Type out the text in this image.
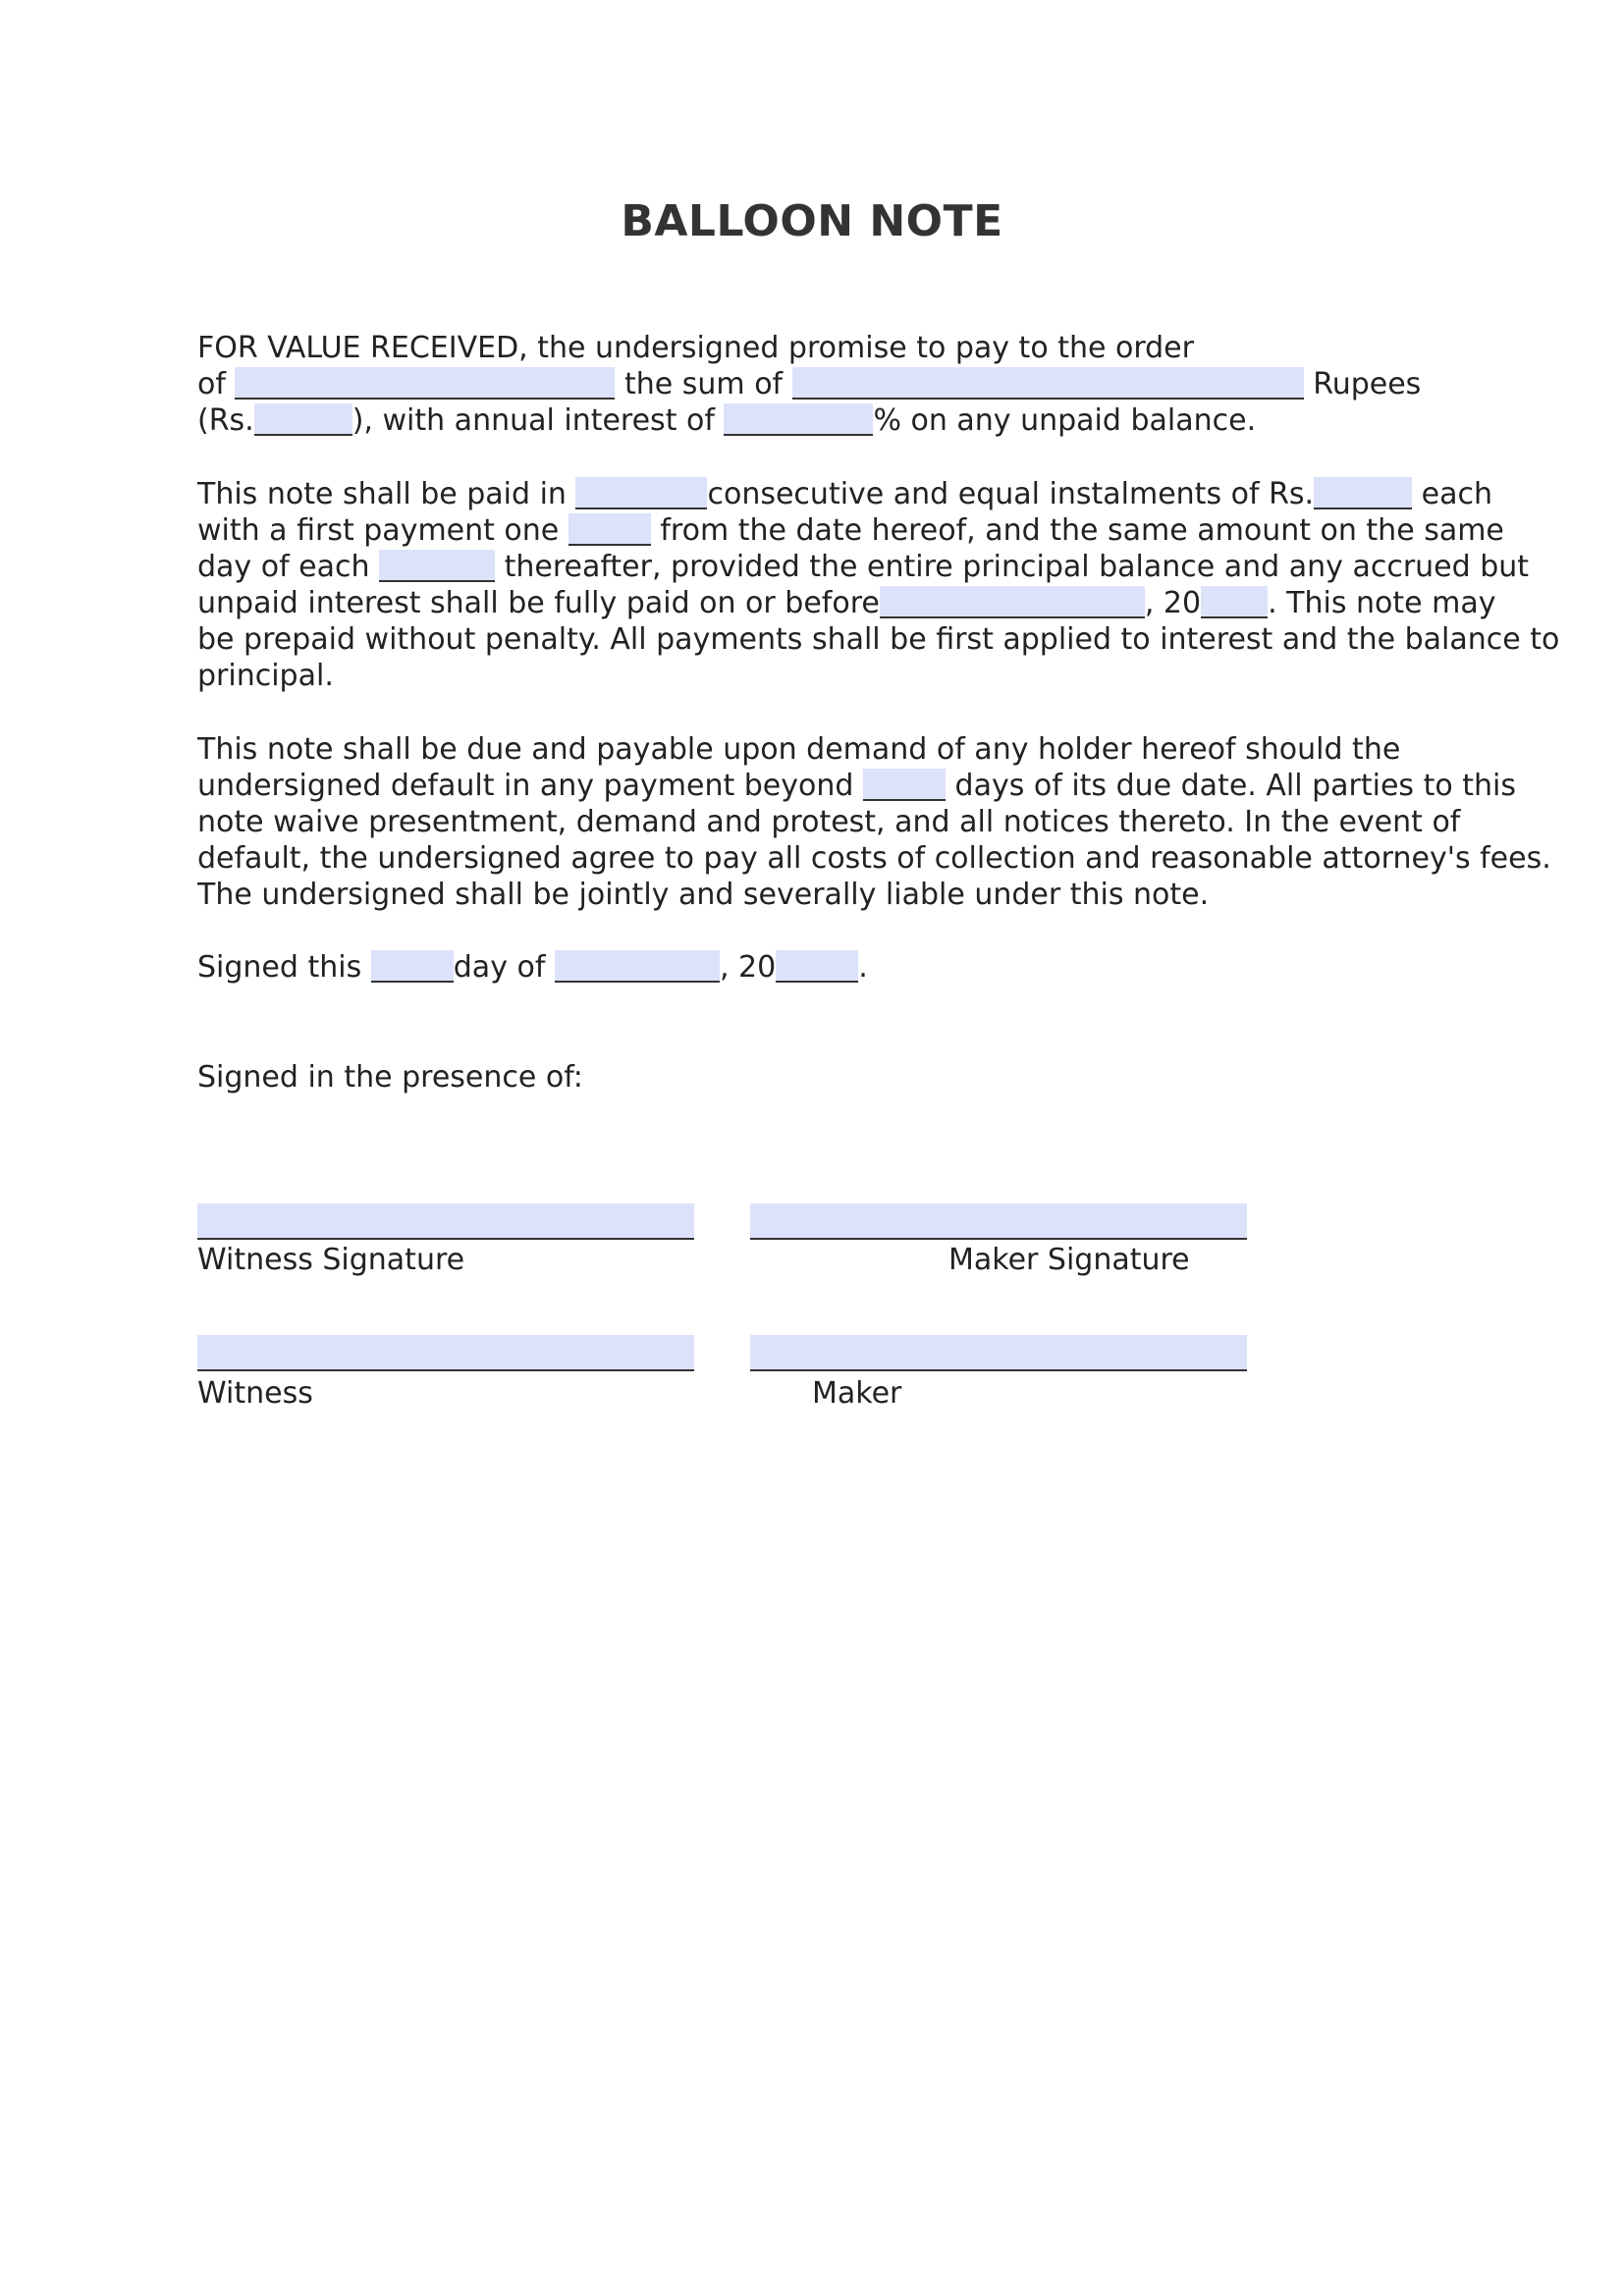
BALLOON NOTE
FOR VALUE RECEIVED, the undersigned promise to pay to the order
of	the sum of	Rupees
(Rs.	), with annual interest of	% on any unpaid balance.
This note shall be paid in	consecutive and equal instalments of Rs.	each
with a first payment one	from the date hereof, and the same amount on the same
day of each	thereafter, provided the entire principal balance and any accrued but
unpaid interest shall be fully paid on or before	, 20 . This note may
be prepaid without penalty. All payments shall be first applied to interest and the balance to
principal.
This note shall be due and payable upon demand of any holder hereof should the
undersigned default in any payment beyond	days of its due date. All parties to this
note waive presentment, demand and protest, and all notices thereto. In the event of
default, the undersigned agree to pay all costs of collection and reasonable attorney's fees.
The undersigned shall be jointly and severally liable under this note.
Signed this	day of	, 20	.
Signed in the presence of:
Witness Signature	Maker Signature
Witness	Maker
